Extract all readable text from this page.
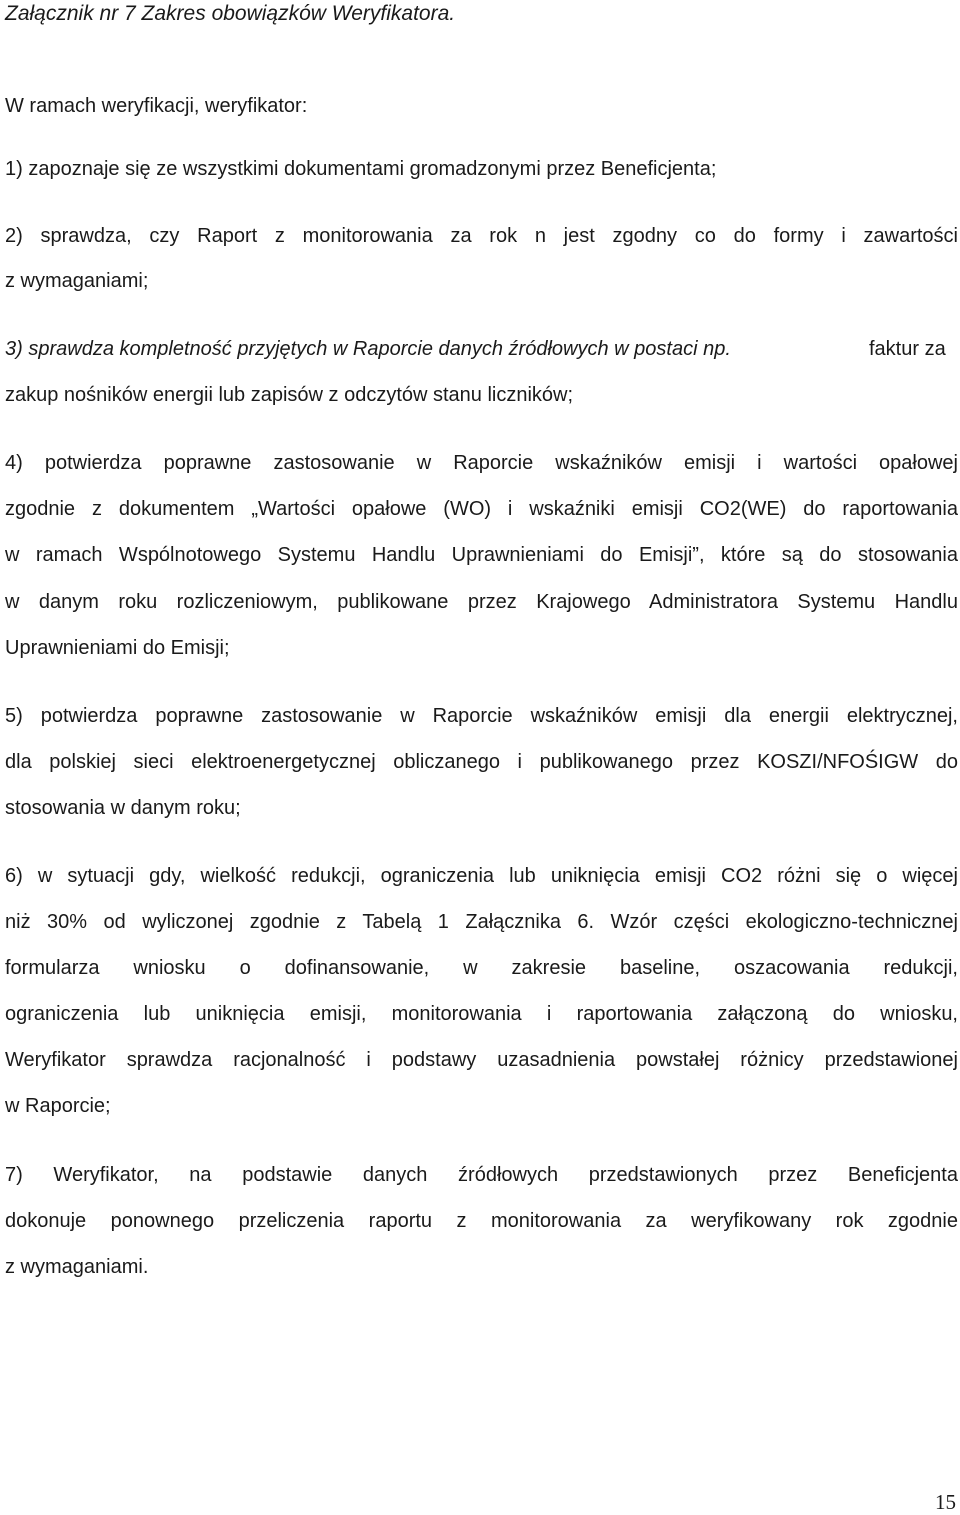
Załącznik nr 7 Zakres obowiązków Weryfikatora.
W ramach weryfikacji, weryfikator:
1) zapoznaje się ze wszystkimi dokumentami gromadzonymi przez Beneficjenta;
2) sprawdza, czy Raport z monitorowania za rok n jest zgodny co do formy i zawartości
z wymaganiami;
3) sprawdza kompletność przyjętych w Raporcie danych źródłowych w postaci np.	faktur za
zakup nośników energii lub zapisów z odczytów stanu liczników;
4) potwierdza poprawne zastosowanie w Raporcie wskaźników emisji i wartości opałowej
zgodnie z dokumentem „Wartości opałowe (WO) i wskaźniki emisji CO2(WE) do raportowania
w ramach Wspólnotowego Systemu Handlu Uprawnieniami do Emisji”, które są do stosowania
w danym roku rozliczeniowym, publikowane przez Krajowego Administratora Systemu Handlu
Uprawnieniami do Emisji;
5) potwierdza poprawne zastosowanie w Raporcie wskaźników emisji dla energii elektrycznej,
dla polskiej sieci elektroenergetycznej obliczanego i publikowanego przez KOSZI/NFOŚIGW do
stosowania w danym roku;
6) w sytuacji gdy, wielkość redukcji, ograniczenia lub uniknięcia emisji CO2 różni się o więcej
niż 30% od wyliczonej zgodnie z Tabelą 1 Załącznika 6. Wzór części ekologiczno-technicznej
formularza wniosku o dofinansowanie, w zakresie baseline, oszacowania redukcji,
ograniczenia lub uniknięcia emisji, monitorowania i raportowania załączoną do wniosku,
Weryfikator sprawdza racjonalność i podstawy uzasadnienia powstałej różnicy przedstawionej
w Raporcie;
7) Weryfikator, na podstawie danych źródłowych przedstawionych przez Beneficjenta
dokonuje ponownego przeliczenia raportu z monitorowania za weryfikowany rok zgodnie
z wymaganiami.
15
